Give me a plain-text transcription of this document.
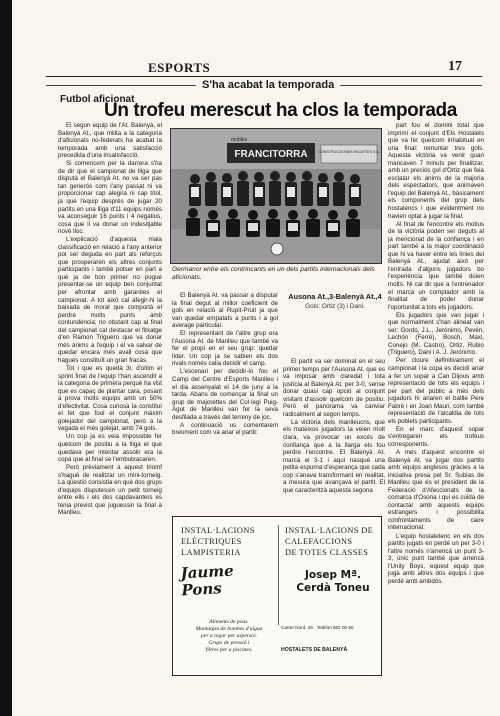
ESPORTS	17
S'ha acabat la temporada
Futbol aficionat
Un trofeu merescut ha clos la temporada

El segon equip de l'At. Balenyà, el Balenyà At., que milita a la categoria d'aficionats no-federats ha acabat la temporada amb una satisfacció precedida d'una insatisfacció.

Si comencem per la darrera s'ha de dir que el campionat de lliga que disputà el Balenyà At. no va ser pas tan generós com l'any passat ni va proporcionar cap alegria ni cap títol, ja que l'equip després de jugar 20 partits en una lliga d'11 equips només va aconseguir 16 punts i 4 negatius, cosa que li va donar un indesitjable novè lloc.

L'explicació d'aquesta mala classificació en relació a l'any anterior pot ser deguda en part als reforços que prosperaren els altres conjunts participants i també potser en part a què ja de bon primer no pogué presentar-se un equip ben conjuntat per afrontar amb garanties el campionat. A tot això cal afegir-hi la baixada de moral que comportà el perdre molts punts amb contundència; no obstant cap al final del campionat cal destacar el fitxatge d'en Ramon Triguero que va donar més ànims a l'equip i el va salvar de quedar encara més avall cosa que hagués constituït un gran fracàs.

Tot i que es quedà 3r, d'últim el sprint final de l'equip l'han ascendit a la categoria de primera perquè ha vist que es capaç de plantar cara, posant a prova molts equips amb un 50% d'efectivitat. Cosa curiosa la constituí el fet que foul el conjunt màxim golejador del campionat, però a la vegada el més golejat, amb 74 gols.

Un cop ja es veia impossible fer quelcom de positiu a la lliga el que quedava per intentar assolir era la copa que al final se l'embutxacaren.

Però prèviament a aquest triomf s'haguè de realitzar un mini-torneig. La qüestió consistia en què dos grups d'equips disputessin un petit torneig entre ells i els dos capdavanters es tenia previst que juguessin la final a Manlleu.

FRANCITORRA
mobles
CONSTRUCCIONES HIGUETES S.A.
Germanor entre els contrincants en un dels partits internacionals dels aficionats.

El Balenyà At. va passar a disputar la final degut al millor coeficient de gols en relació al Rupit-Pruit ja que van quedar empatats a punts i a gol average particular.

El representant de l'altre grup era l'Ausona At. de Manlleu que també va fer el propi en el seu grup: quedar líder. Un cop ja se sabien els dos rivals només calia decidir el camp.

L'escenari per decidir-lo fou el Camp del Centre d'Esports Manlleu i el dia assenyalat el 14 de juny a la tarda. Abans de començar la final un grup de majorettes del Col·legi Puig-Agut de Manlleu van fer la seva desfilada a través del terreny de joc.

A continuació us comentarem breument com va anar el partit:

Ausona At.,3-Balenyà At.,4
Gols: Ortiz (3) i Dani.

El partit va ser dominat en el seu primer temps per l'Ausona At. que es va imposar amb claredat i tota justícia al Balenyà At. per 3-0, sense donar quasi cap opció al conjunt visitant d'assolir quelcom de positiu. Però el panorama va canviar radicalment al segon temps.

La victòria dels manlleucns, que els mateixos jugadors la veien molt clara, va provocar un excés de confiança que a la llarga els fou perdre l'encontre. El Balenyà At. marcà el 3-1 i aquí nasqué una petita espurna d'esperança que cada cop s'anava transformant en realitat, a mesura que avançava el partit. El que caracteritzà aquesta segona

part fou el domini total que imprimí el conjunt d'Els Hostalets que va fer quelcom inhabitual en una final: remuntar tres gols. Aquesta victòria va venir quan mancaven 7 minuts per finalitzar, amb un preciós gol d'Ortiz que feia esclatar els ànims de la majoria dels espectadors, que animaven l'equip del Balenyà At., bàsicament els components del grup dels hostalencs i que evidentment no havien optat a jugar la final.

Al final de l'encontre els motius de la victòria poden ser deguts al ja mencionat de la confiança i en part també a la major coordinació que hi va haver entre les línies del Balenyà At., ajudat això per l'entrada d'alguns jugadors bo l'experiència que també dúien molts. Ni cal dir que a l'entrenador el marcà un comptador amb la finalitat de poder donar l'oportunitat a tots els jugadors.

Els jugadors que van jugar i que normalment s'han alineat van ser: Gordo, J.L., Jerónimo, Pevén, Lechón (Ferré), Bosch, Maxi, Conejo (M. Castro), Ortiz, Rubio (Triguero), Dani i A. J. Jerónimo.

Per cloure definitivament el campionat i la copa es decidí anar a fer un sopar a Can Dijous amb representació de tots els equips i per part del públic a més dels jugadors hi anaren el batlle Pere Fabrè i en Joan Mauri, com també representació de l'alcaldia de tots els poblets participants.

En el marc d'aquest sopar s'entregaren els trofeus corresponents.

A més d'aquest encontre el Balenyà At. va jugar dos partits amb equips anglesos gràcies a la iniciativa presa pel Sr. Subias de Manlleu que és el president de la Federació d'Afeccionats de la comarca d'Osona i qui es cuida de contactar amb aquests equips estrangers i possibilita confrontaments de caire internacional.

L'equip hostaletenc en els dos partits jugats en perdé un per 3-0 i l'altre només n'arrencà un punt 3-3, únic punt també que arrencà l'Unity Boys, equest equip que jugà amb altres dos equips i que perdé amb ambdós.

INSTAL·LACIONS
ELÈCTRIQUES
LAMPISTERIA
INSTAL·LACIONS DE
CALEFACCIONS
DE TOTES CLASSES
Jaume Pons
Josep Mª.
Cerdà Toneu
Aliments de pous.
Muntatges de bombes d'aigua
per a regar per aspersió.
Grups de pressió i
filtres per a piscines.
Carrer Nord, 26 · Telèfon 882 00 50
HOSTALETS DE BALENYÀ
